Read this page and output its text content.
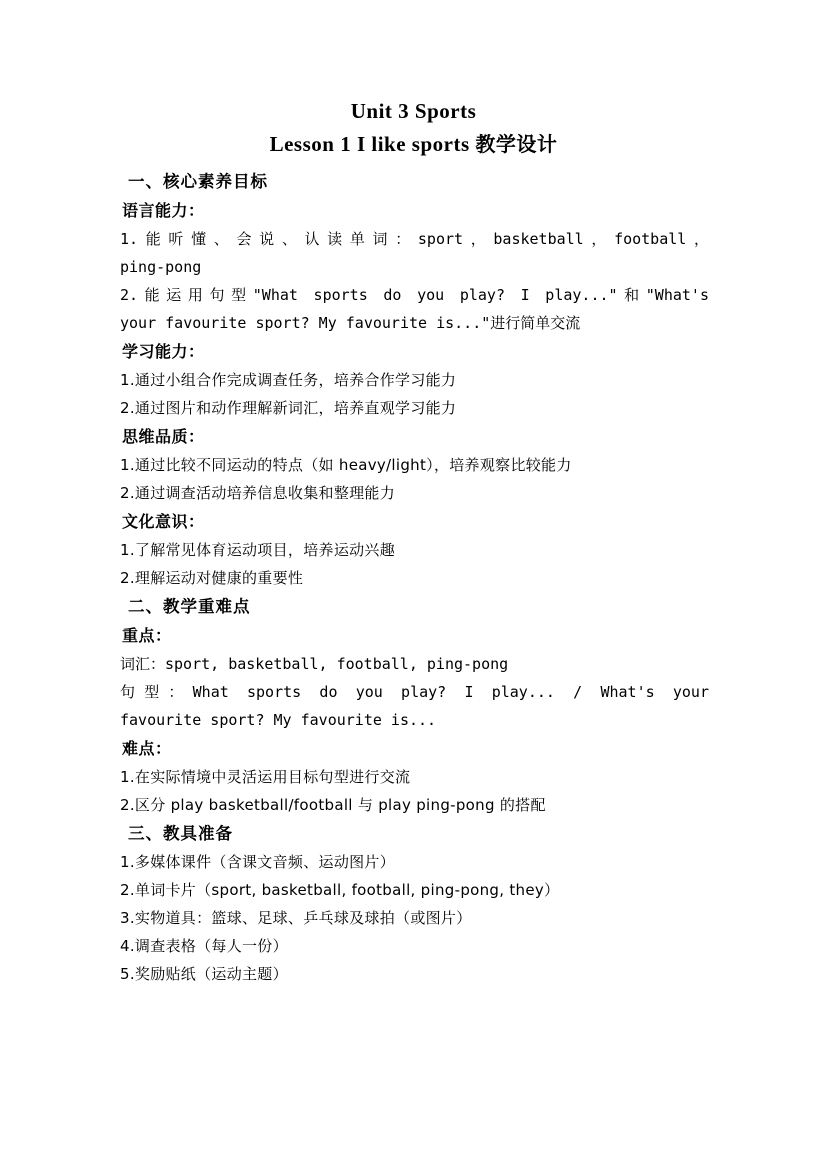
Unit 3 Sports
Lesson 1 I like sports 教学设计
一、核心素养目标
语言能力：
1.能听懂、会说、认读单词：sport，basketball，football，
ping-pong
2.能运用句型"What sports do you play? I play..."和"What's
your favourite sport? My favourite is..."进行简单交流
学习能力：
1.通过小组合作完成调查任务，培养合作学习能力
2.通过图片和动作理解新词汇，培养直观学习能力
思维品质：
1.通过比较不同运动的特点（如 heavy/light），培养观察比较能力
2.通过调查活动培养信息收集和整理能力
文化意识：
1.了解常见体育运动项目，培养运动兴趣
2.理解运动对健康的重要性
二、教学重难点
重点：
词汇：sport, basketball, football, ping-pong
句型：What sports do you play? I play... / What's your
favourite sport? My favourite is...
难点：
1.在实际情境中灵活运用目标句型进行交流
2.区分 play basketball/football 与 play ping-pong 的搭配
三、教具准备
1.多媒体课件（含课文音频、运动图片）
2.单词卡片（sport, basketball, football, ping-pong, they）
3.实物道具：篮球、足球、乒乓球及球拍（或图片）
4.调查表格（每人一份）
5.奖励贴纸（运动主题）
